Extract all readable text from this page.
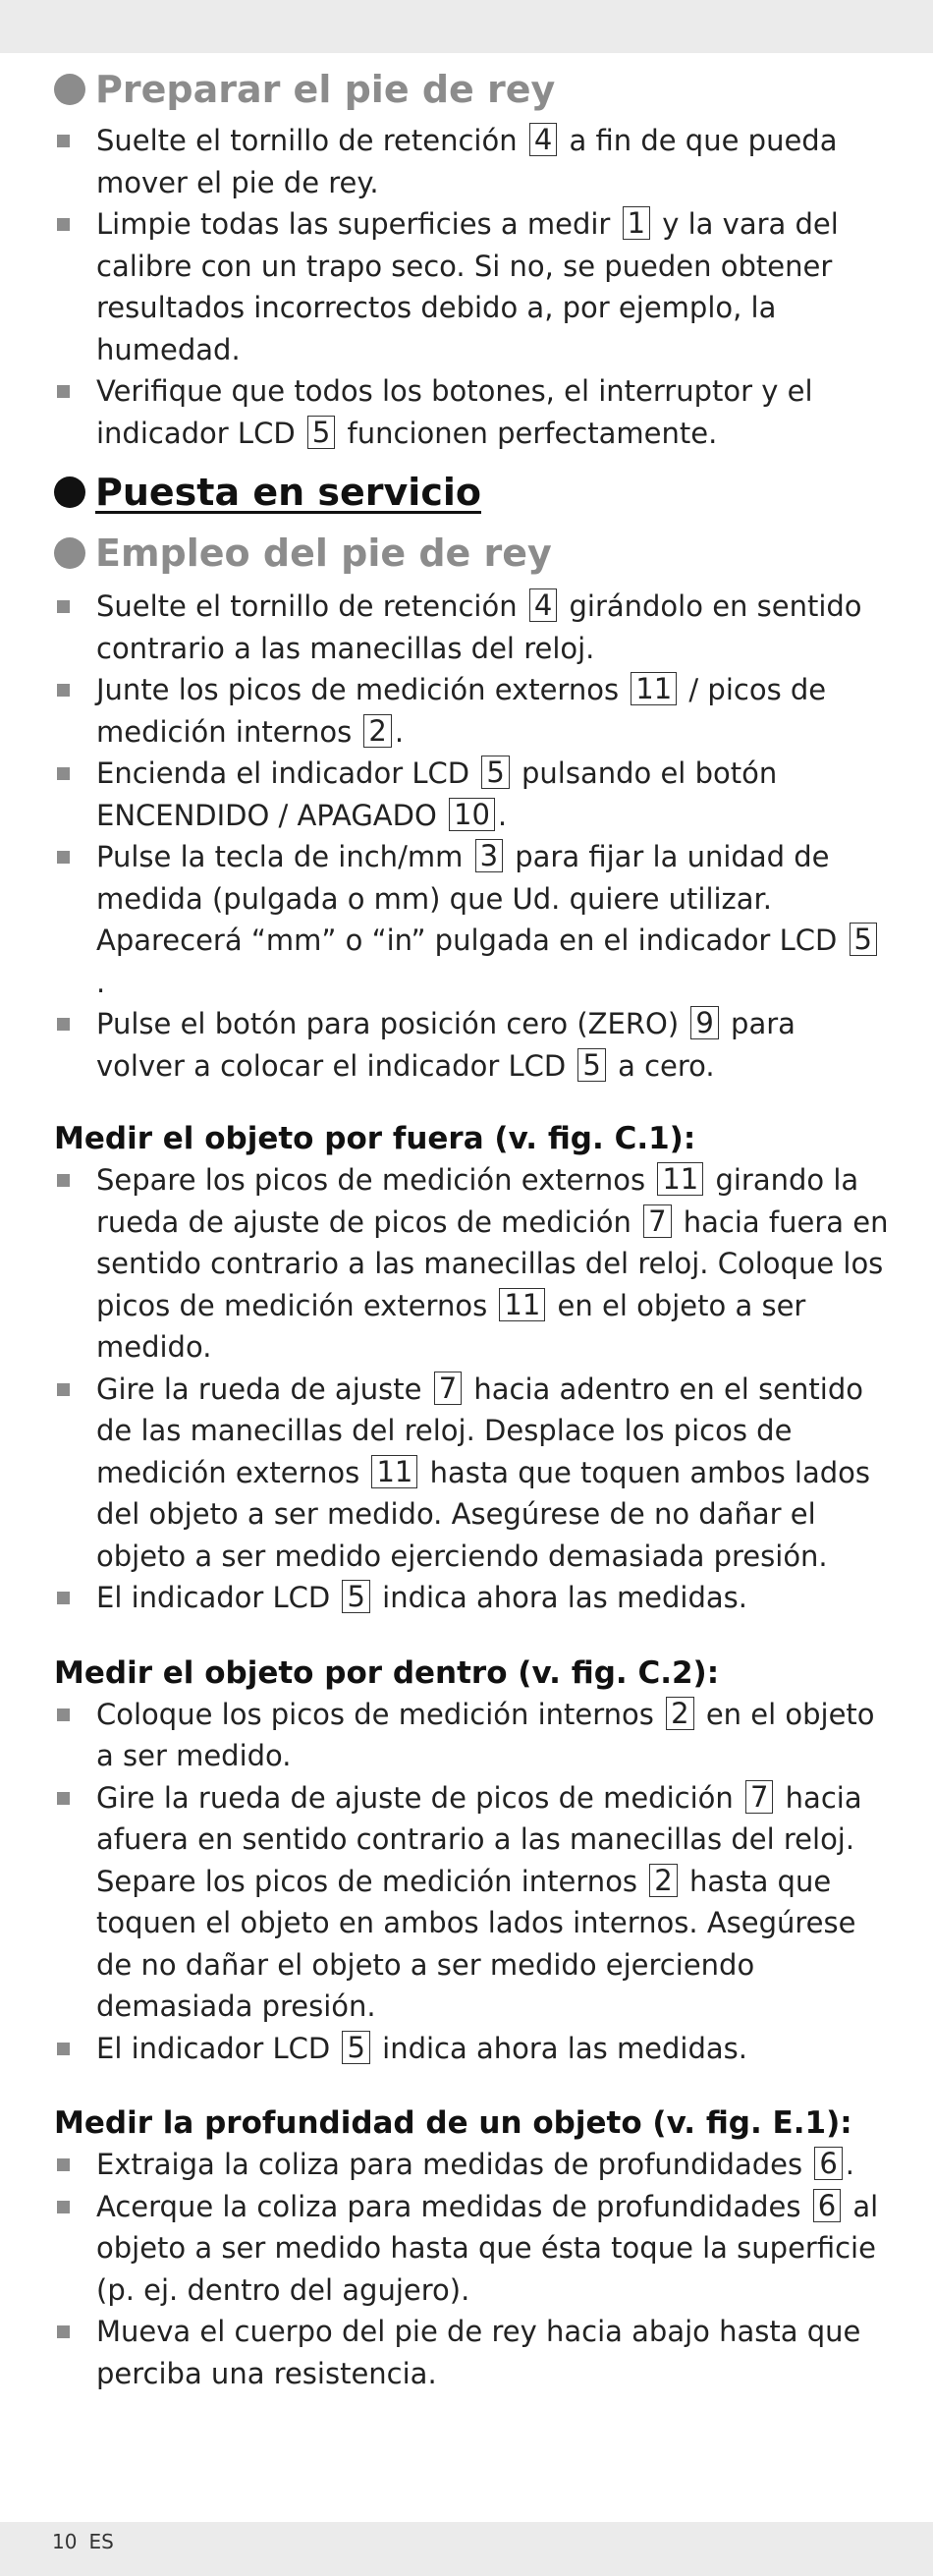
Preparar el pie de rey
Suelte el tornillo de retención 4 a fin de que pueda mover el pie de rey.
Limpie todas las superficies a medir 1 y la vara del calibre con un trapo seco. Si no, se pueden obtener resultados incorrectos debido a, por ejemplo, la humedad.
Verifique que todos los botones, el interruptor y el indicador LCD 5 funcionen perfectamente.
Puesta en servicio
Empleo del pie de rey
Suelte el tornillo de retención 4 girándolo en sentido contrario a las manecillas del reloj.
Junte los picos de medición externos 11 / picos de medición internos 2 .
Encienda el indicador LCD 5 pulsando el botón ENCENDIDO / APAGADO 10 .
Pulse la tecla de inch/mm 3 para fijar la unidad de medida (pulgada o mm) que Ud. quiere utilizar. Aparecerá “mm” o “in” pulgada en el indicador LCD 5.
Pulse el botón para posición cero (ZERO) 9 para volver a colocar el indicador LCD 5 a cero.
Medir el objeto por fuera (v. fig. C.1):
Separe los picos de medición externos 11 girando la rueda de ajuste de picos de medición 7 hacia fuera en sentido contrario a las manecillas del reloj. Coloque los picos de medición externos 11 en el objeto a ser medido.
Gire la rueda de ajuste 7 hacia adentro en el sentido de las manecillas del reloj. Desplace los picos de medición externos 11 hasta que toquen ambos lados del objeto a ser medido. Asegúrese de no dañar el objeto a ser medido ejerciendo demasiada presión.
El indicador LCD 5 indica ahora las medidas.
Medir el objeto por dentro (v. fig. C.2):
Coloque los picos de medición internos 2 en el objeto a ser medido.
Gire la rueda de ajuste de picos de medición 7 hacia afuera en sentido contrario a las manecillas del reloj. Separe los picos de medición internos 2 hasta que toquen el objeto en ambos lados internos. Asegúrese de no dañar el objeto a ser medido ejerciendo demasiada presión.
El indicador LCD 5 indica ahora las medidas.
Medir la profundidad de un objeto (v. fig. E.1):
Extraiga la coliza para medidas de profundidades 6 .
Acerque la coliza para medidas de profundidades 6 al objeto a ser medido hasta que ésta toque la superficie (p. ej. dentro del agujero).
Mueva el cuerpo del pie de rey hacia abajo hasta que perciba una resistencia.
10 ES
